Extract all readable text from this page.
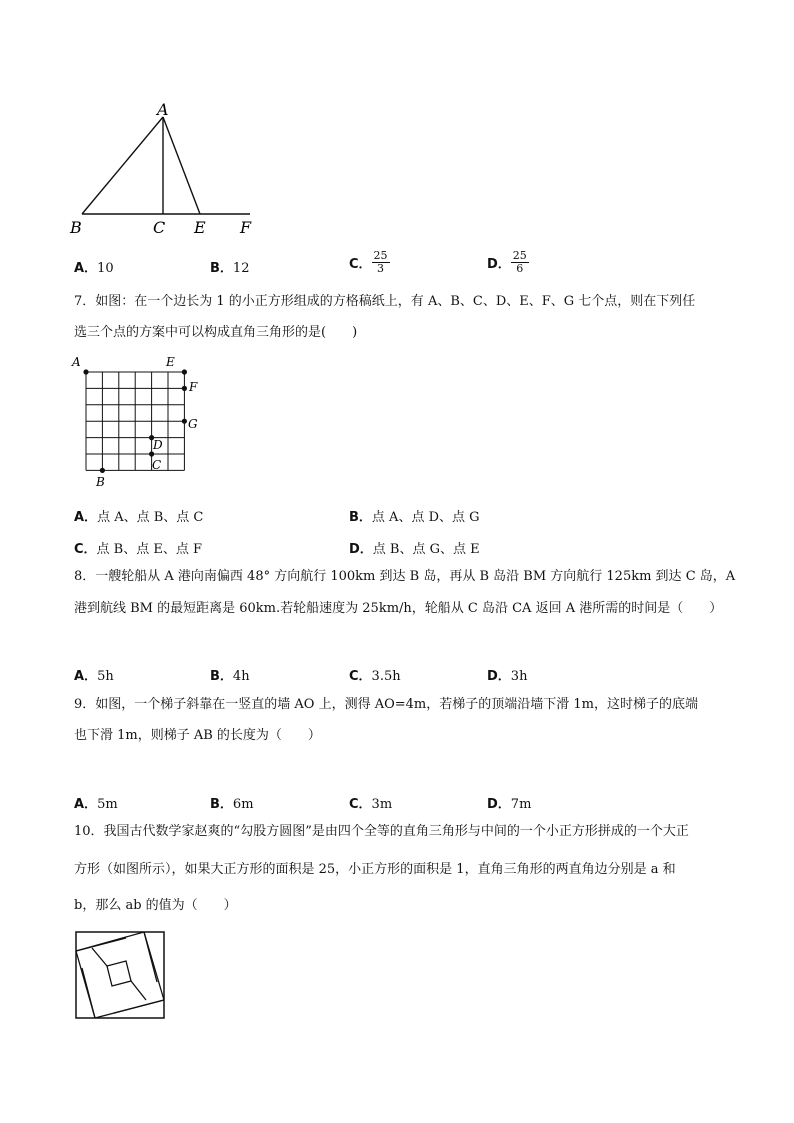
A
B	C E F
A．10	B．12	C． $\frac{25}{3}$	D． $\frac{25}{6}$
7．如图：在一个边长为 1 的小正方形组成的方格稿纸上，有 A、B、C、D、E、F、G 七个点，则在下列任
选三个点的方案中可以构成直角三角形的是(　　)
A	E
F
G
D
C
B
A．点 A、点 B、点 C	B．点 A、点 D、点 G
C．点 B、点 E、点 F	D．点 B、点 G、点 E
8．一艘轮船从 A 港向南偏西 48° 方向航行 100km 到达 B 岛，再从 B 岛沿 BM 方向航行 125km 到达 C 岛，A
港到航线 BM 的最短距离是 60km.若轮船速度为 25km/h，轮船从 C 岛沿 CA 返回 A 港所需的时间是（　　）
A．5h	B．4h	C．3.5h	D．3h
9．如图，一个梯子斜靠在一竖直的墙 AO 上，测得 AO=4m，若梯子的顶端沿墙下滑 1m，这时梯子的底端
也下滑 1m，则梯子 AB 的长度为（　　）
A．5m	B．6m	C．3m	D．7m
10．我国古代数学家赵爽的“勾股方圆图”是由四个全等的直角三角形与中间的一个小正方形拼成的一个大正
方形（如图所示），如果大正方形的面积是 25，小正方形的面积是 1，直角三角形的两直角边分别是 a 和
b，那么 ab 的值为（　　）
